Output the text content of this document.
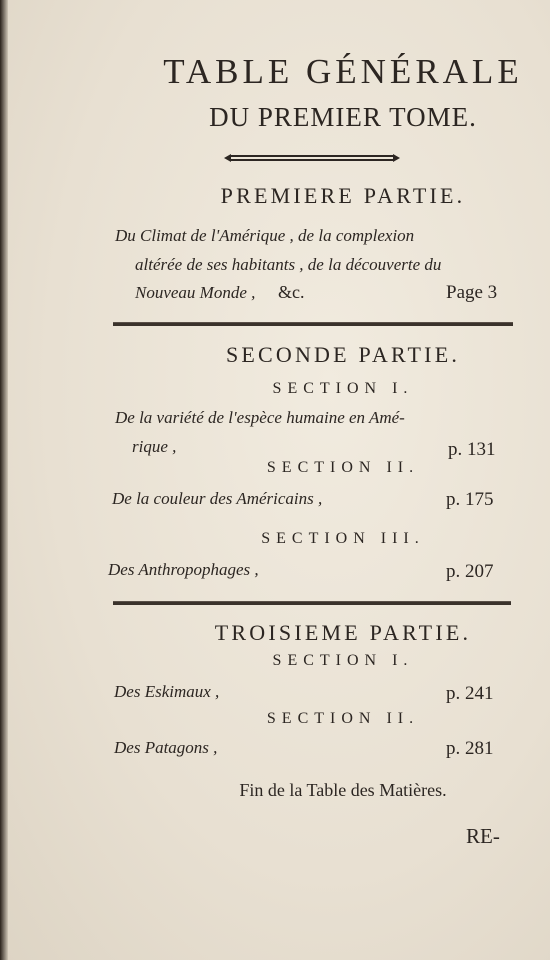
TABLE GÉNÉRALE
DU PREMIER TOME.
PREMIERE PARTIE.
Du Climat de l'Amérique , de la complexion
altérée de ses habitants , de la découverte du
Nouveau Monde , &c.	Page 3
SECONDE PARTIE.
SECTION I.
De la variété de l'espèce humaine en Amé-
rique ,	p. 131
SECTION II.
De la couleur des Américains ,	p. 175
SECTION III.
Des Anthropophages ,	p. 207
TROISIEME PARTIE.
SECTION I.
Des Eskimaux ,	p. 241
SECTION II.
Des Patagons ,	p. 281
Fin de la Table des Matières.
RE-
